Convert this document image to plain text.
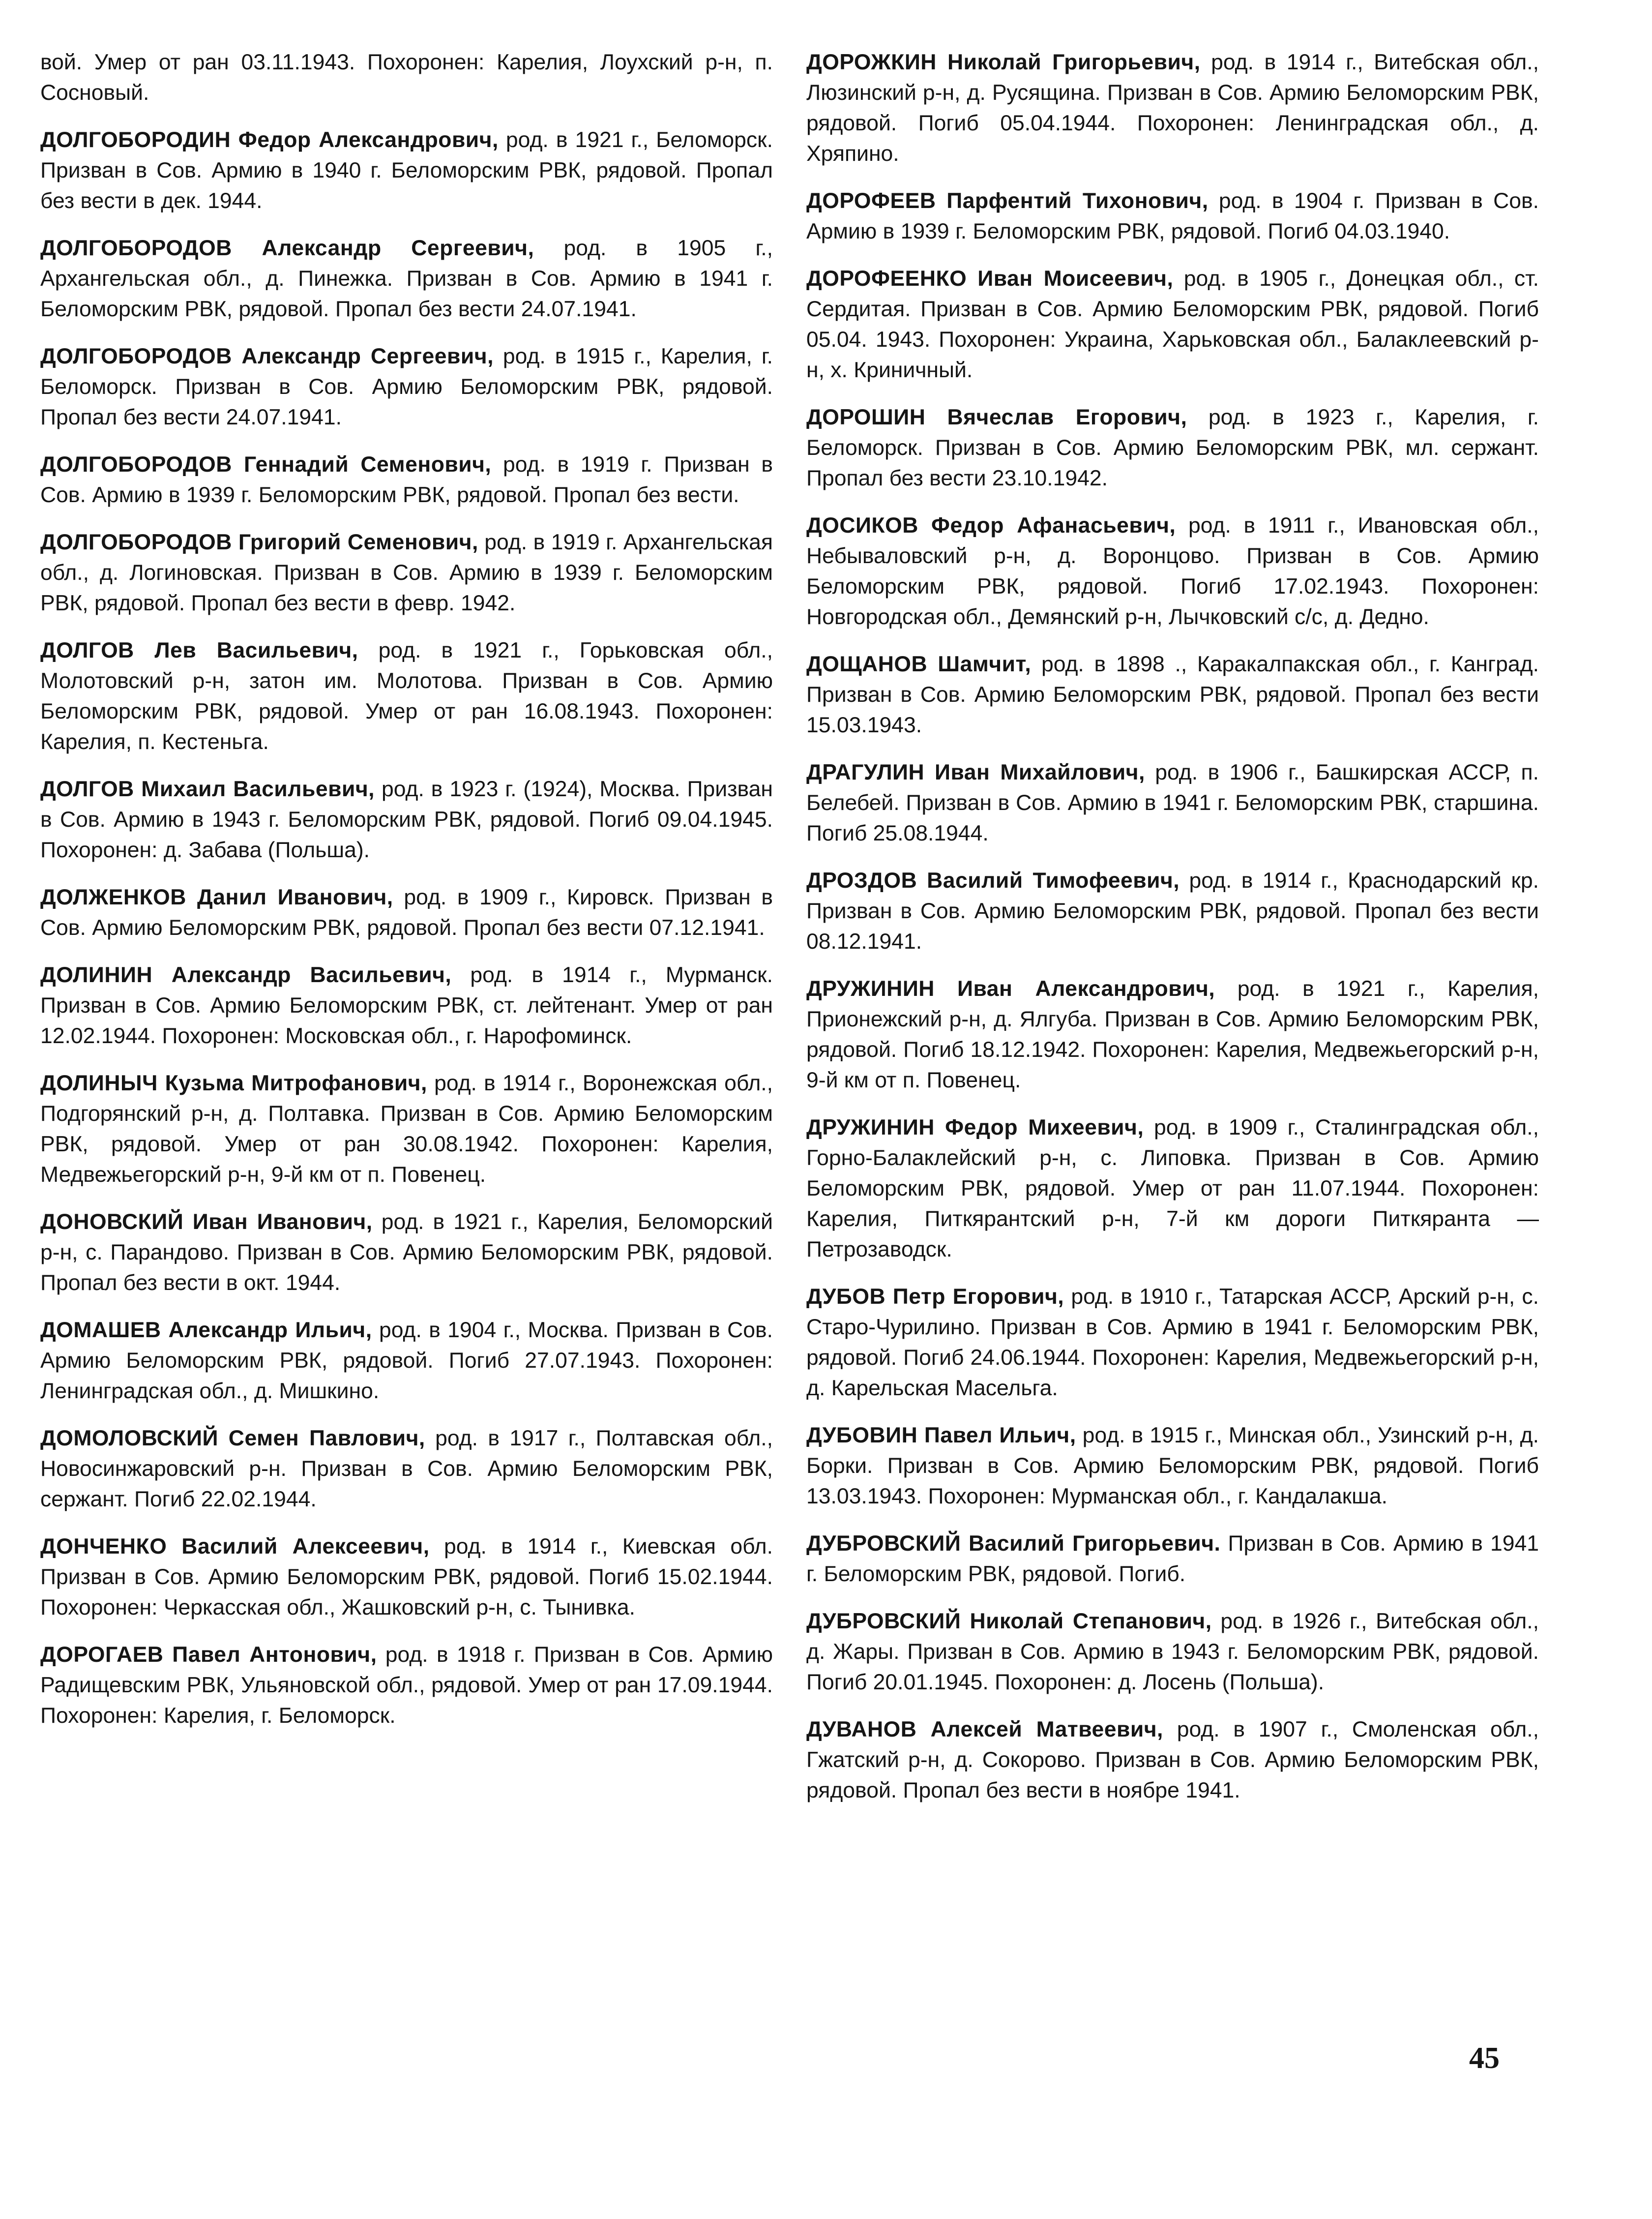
вой. Умер от ран 03.11.1943. Похоронен: Карелия, Лоухский р-н, п. Сосновый.

ДОЛГОБОРОДИН Федор Александрович, род. в 1921 г., Беломорск. Призван в Сов. Армию в 1940 г. Беломорским РВК, рядовой. Пропал без вести в дек. 1944.

ДОЛГОБОРОДОВ Александр Сергеевич, род. в 1905 г., Архангельская обл., д. Пинежка. Призван в Сов. Армию в 1941 г. Беломорским РВК, рядовой. Пропал без вести 24.07.1941.

ДОЛГОБОРОДОВ Александр Сергеевич, род. в 1915 г., Карелия, г. Беломорск. Призван в Сов. Армию Беломорским РВК, рядовой. Пропал без вести 24.07.1941.

ДОЛГОБОРОДОВ Геннадий Семенович, род. в 1919 г. Призван в Сов. Армию в 1939 г. Беломорским РВК, рядовой. Пропал без вести.

ДОЛГОБОРОДОВ Григорий Семенович, род. в 1919 г. Архангельская обл., д. Логиновская. Призван в Сов. Армию в 1939 г. Беломорским РВК, рядовой. Пропал без вести в февр. 1942.

ДОЛГОВ Лев Васильевич, род. в 1921 г., Горьковская обл., Молотовский р-н, затон им. Молотова. Призван в Сов. Армию Беломорским РВК, рядовой. Умер от ран 16.08.1943. Похоронен: Карелия, п. Кестеньга.

ДОЛГОВ Михаил Васильевич, род. в 1923 г. (1924), Москва. Призван в Сов. Армию в 1943 г. Беломорским РВК, рядовой. Погиб 09.04.1945. Похоронен: д. Забава (Польша).

ДОЛЖЕНКОВ Данил Иванович, род. в 1909 г., Кировск. Призван в Сов. Армию Беломорским РВК, рядовой. Пропал без вести 07.12.1941.

ДОЛИНИН Александр Васильевич, род. в 1914 г., Мурманск. Призван в Сов. Армию Беломорским РВК, ст. лейтенант. Умер от ран 12.02.1944. Похоронен: Московская обл., г. Нарофоминск.

ДОЛИНЫЧ Кузьма Митрофанович, род. в 1914 г., Воронежская обл., Подгорянский р-н, д. Полтавка. Призван в Сов. Армию Беломорским РВК, рядовой. Умер от ран 30.08.1942. Похоронен: Карелия, Медвежьегорский р-н, 9-й км от п. Повенец.

ДОНОВСКИЙ Иван Иванович, род. в 1921 г., Карелия, Беломорский р-н, с. Парандово. Призван в Сов. Армию Беломорским РВК, рядовой. Пропал без вести в окт. 1944.

ДОМАШЕВ Александр Ильич, род. в 1904 г., Москва. Призван в Сов. Армию Беломорским РВК, рядовой. Погиб 27.07.1943. Похоронен: Ленинградская обл., д. Мишкино.

ДОМОЛОВСКИЙ Семен Павлович, род. в 1917 г., Полтавская обл., Новосинжаровский р-н. Призван в Сов. Армию Беломорским РВК, сержант. Погиб 22.02.1944.

ДОНЧЕНКО Василий Алексеевич, род. в 1914 г., Киевская обл. Призван в Сов. Армию Беломорским РВК, рядовой. Погиб 15.02.1944. Похоронен: Черкасская обл., Жашковский р-н, с. Тынивка.

ДОРОГАЕВ Павел Антонович, род. в 1918 г. Призван в Сов. Армию Радищевским РВК, Ульяновской обл., рядовой. Умер от ран 17.09.1944. Похоронен: Карелия, г. Беломорск.

ДОРОЖКИН Николай Григорьевич, род. в 1914 г., Витебская обл., Люзинский р-н, д. Русящина. Призван в Сов. Армию Беломорским РВК, рядовой. Погиб 05.04.1944. Похоронен: Ленинградская обл., д. Хряпино.

ДОРОФЕЕВ Парфентий Тихонович, род. в 1904 г. Призван в Сов. Армию в 1939 г. Беломорским РВК, рядовой. Погиб 04.03.1940.

ДОРОФЕЕНКО Иван Моисеевич, род. в 1905 г., Донецкая обл., ст. Сердитая. Призван в Сов. Армию Беломорским РВК, рядовой. Погиб 05.04. 1943. Похоронен: Украина, Харьковская обл., Балаклеевский р-н, х. Криничный.

ДОРОШИН Вячеслав Егорович, род. в 1923 г., Карелия, г. Беломорск. Призван в Сов. Армию Беломорским РВК, мл. сержант. Пропал без вести 23.10.1942.

ДОСИКОВ Федор Афанасьевич, род. в 1911 г., Ивановская обл., Небываловский р-н, д. Воронцово. Призван в Сов. Армию Беломорским РВК, рядовой. Погиб 17.02.1943. Похоронен: Новгородская обл., Демянский р-н, Лычковский с/с, д. Дедно.

ДОЩАНОВ Шамчит, род. в 1898 ., Каракалпакская обл., г. Канград. Призван в Сов. Армию Беломорским РВК, рядовой. Пропал без вести 15.03.1943.

ДРАГУЛИН Иван Михайлович, род. в 1906 г., Башкирская АССР, п. Белебей. Призван в Сов. Армию в 1941 г. Беломорским РВК, старшина. Погиб 25.08.1944.

ДРОЗДОВ Василий Тимофеевич, род. в 1914 г., Краснодарский кр. Призван в Сов. Армию Беломорским РВК, рядовой. Пропал без вести 08.12.1941.

ДРУЖИНИН Иван Александрович, род. в 1921 г., Карелия, Прионежский р-н, д. Ялгуба. Призван в Сов. Армию Беломорским РВК, рядовой. Погиб 18.12.1942. Похоронен: Карелия, Медвежьегорский р-н, 9-й км от п. Повенец.

ДРУЖИНИН Федор Михеевич, род. в 1909 г., Сталинградская обл., Горно-Балаклейский р-н, с. Липовка. Призван в Сов. Армию Беломорским РВК, рядовой. Умер от ран 11.07.1944. Похоронен: Карелия, Питкярантский р-н, 7-й км дороги Питкяранта — Петрозаводск.

ДУБОВ Петр Егорович, род. в 1910 г., Татарская АССР, Арский р-н, с. Старо-Чурилино. Призван в Сов. Армию в 1941 г. Беломорским РВК, рядовой. Погиб 24.06.1944. Похоронен: Карелия, Медвежьегорский р-н, д. Карельская Масельга.

ДУБОВИН Павел Ильич, род. в 1915 г., Минская обл., Узинский р-н, д. Борки. Призван в Сов. Армию Беломорским РВК, рядовой. Погиб 13.03.1943. Похоронен: Мурманская обл., г. Кандалакша.

ДУБРОВСКИЙ Василий Григорьевич. Призван в Сов. Армию в 1941 г. Беломорским РВК, рядовой. Погиб.

ДУБРОВСКИЙ Николай Степанович, род. в 1926 г., Витебская обл., д. Жары. Призван в Сов. Армию в 1943 г. Беломорским РВК, рядовой. Погиб 20.01.1945. Похоронен: д. Лосень (Польша).

ДУВАНОВ Алексей Матвеевич, род. в 1907 г., Смоленская обл., Гжатский р-н, д. Сокорово. Призван в Сов. Армию Беломорским РВК, рядовой. Пропал без вести в ноябре 1941.

45
